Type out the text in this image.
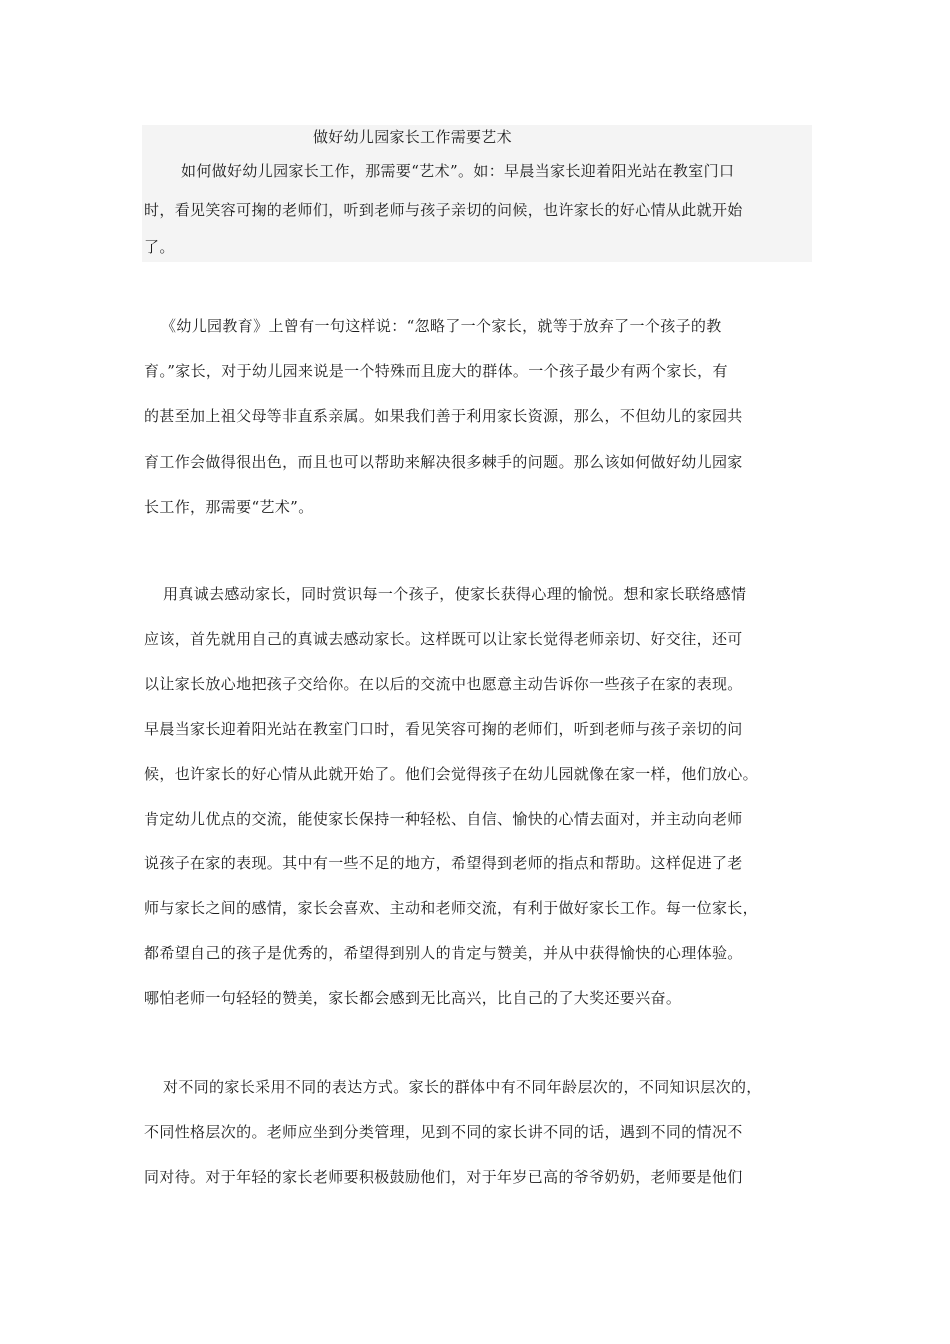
做好幼儿园家长工作需要艺术
如何做好幼儿园家长工作，那需要“艺术”。如：早晨当家长迎着阳光站在教室门口
时，看见笑容可掬的老师们，听到老师与孩子亲切的问候，也许家长的好心情从此就开始
了。
《幼儿园教育》上曾有一句这样说：“忽略了一个家长，就等于放弃了一个孩子的教
育。”家长，对于幼儿园来说是一个特殊而且庞大的群体。一个孩子最少有两个家长，有
的甚至加上祖父母等非直系亲属。如果我们善于利用家长资源，那么，不但幼儿的家园共
育工作会做得很出色，而且也可以帮助来解决很多棘手的问题。那么该如何做好幼儿园家
长工作，那需要“艺术”。
用真诚去感动家长，同时赏识每一个孩子，使家长获得心理的愉悦。想和家长联络感情
应该，首先就用自己的真诚去感动家长。这样既可以让家长觉得老师亲切、好交往，还可
以让家长放心地把孩子交给你。在以后的交流中也愿意主动告诉你一些孩子在家的表现。
早晨当家长迎着阳光站在教室门口时，看见笑容可掬的老师们，听到老师与孩子亲切的问
候，也许家长的好心情从此就开始了。他们会觉得孩子在幼儿园就像在家一样，他们放心。
肯定幼儿优点的交流，能使家长保持一种轻松、自信、愉快的心情去面对，并主动向老师
说孩子在家的表现。其中有一些不足的地方，希望得到老师的指点和帮助。这样促进了老
师与家长之间的感情，家长会喜欢、主动和老师交流，有利于做好家长工作。每一位家长，
都希望自己的孩子是优秀的，希望得到别人的肯定与赞美，并从中获得愉快的心理体验。
哪怕老师一句轻轻的赞美，家长都会感到无比高兴，比自己的了大奖还要兴奋。
对不同的家长采用不同的表达方式。家长的群体中有不同年龄层次的，不同知识层次的，
不同性格层次的。老师应坐到分类管理，见到不同的家长讲不同的话，遇到不同的情况不
同对待。对于年轻的家长老师要积极鼓励他们，对于年岁已高的爷爷奶奶，老师要是他们
